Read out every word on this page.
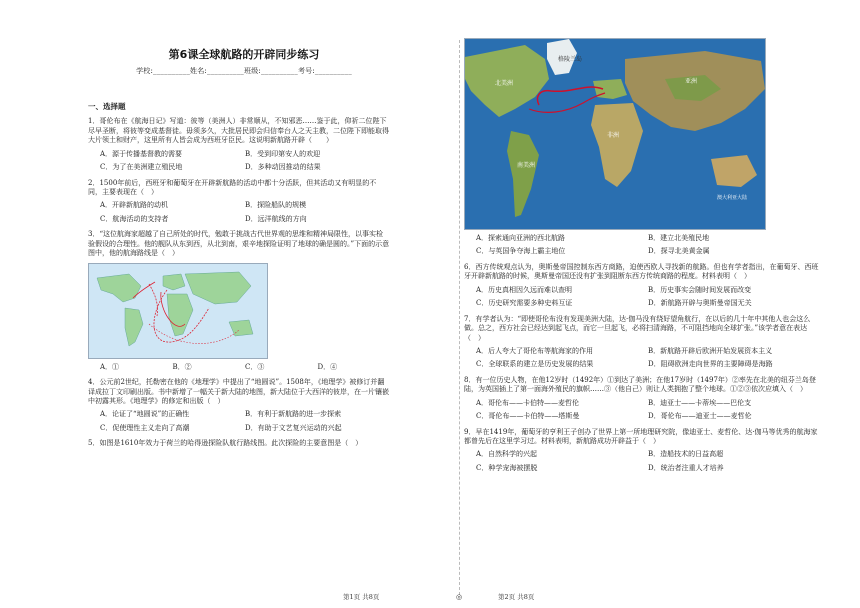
第6课全球航路的开辟同步练习
学校:__________姓名:__________班级:__________考号:__________
一、选择题
1．哥伦布在《航海日记》写道：彼等（美洲人）非常顺从，不知邪恶……鉴于此，仰祈二位陛下尽早圣断，将彼等变成基督徒。毋须多久，大批居民即会归信奉台人之天主教，二位陛下即能取得大片领土和财产，这里所有人皆会成为西班牙臣民。这说明新航路开辟（　　）
A．源于传播基督教的需要	B．受到印第安人的欢迎
C．为了在美洲建立殖民地	D．多种动因推动的结果
2．1500年前后，西班牙和葡萄牙在开辟新航路的活动中都十分活跃，但其活动又有明显的不同，主要表现在（　）
A．开辟新航路的动机	B．探险船队的规模
C．航海活动的支持者	D．远洋航线的方向
3．“这位航海家超越了自己所处的时代，勉敢于挑战古代世界观的思维和精神局限性，以事实检验假设的合理性。他的舰队从东到西，从北到南，艰辛地探险证明了地球的确是圆的。”下面的示意图中，他的航海路线是（　）
A．①	B．②	C．③	D．④
4．公元前2世纪，托勒密在他的《地理学》中提出了“地圆说”。1508年，《地理学》被修订并翻译成拉丁文印刷出版。书中新增了一幅关于新大陆的地图，新大陆位于大西洋的彼岸，在一片镶嵌中初露其形。《地理学》的修定和出版（　）
A．论证了“地圆说”的正确性	B．有利于新航路的进一步探索
C．促使理性主义走向了高潮	D．有助于文艺复兴运动的兴起
5．如图是1610年效力于荷兰的哈得逊探险队航行路线图。此次探险的主要意图是（　）
格陵兰岛
北美洲	亚洲
非洲
南美洲
澳大利亚大陆
A．探索通向亚洲的西北航路	B．建立北美殖民地
C．与英国争夺海上霸主地位	D．探寻北美黄金属
6．西方传统观点认为，奥斯曼帝国控制东西方商路，迫使西欧人寻找新的航路。但也有学者指出，在葡萄牙、西班牙开辟新航路的时候，奥斯曼帝国还没有扩张到阻断东西方传统商路的程度。材料表明（　）
A．历史真相因久远而难以查明	B．历史事实会随时间发展而改变
C．历史研究需要多种史料互证	D．新航路开辟与奥斯曼帝国无关
7．有学者认为：“即使哥伦布没有发现美洲大陆，达·伽马没有绕好望角航行，在以后的几十年中其他人也会这么做。总之，西方社会已经达到起飞点，而它一旦起飞，必将扫清海路，不可阻挡地向全球扩张。”该学者意在表达（　）
A．后人夸大了哥伦布等航海家的作用	B．新航路开辟后欧洲开始发展资本主义
C．全球联系的建立是历史发展的结果	D．阻碍欧洲走向世界的主要障碍是海路
8．有一位历史人物，在他12岁时（1492年）①到达了美洲；在他17岁时（1497年）②率先在北美的纽芬兰岛登陆，为英国插上了第一面海外殖民的旗帜……③（他自己）则让人类拥抱了整个地球。①②③依次应填入（　）
A．哥伦布——卡伯特——麦哲伦	B．迪亚士——卡蒂埃——巴伦支
C．哥伦布——卡伯特——塔斯曼	D．哥伦布——迪亚士——麦哲伦
9．早在1419年，葡萄牙的亨利王子创办了世界上第一所地理研究院，像迪亚士、麦哲伦、达·伽马等优秀的航海家都曾先后在这里学习过。材料表明，新航路成功开辟益于（　）
A．自然科学的兴起	B．造船技术的日益高超
C．种学宠海被摆脱	D．统治者注重人才培养
第1页 共8页	◎	第2页 共8页
